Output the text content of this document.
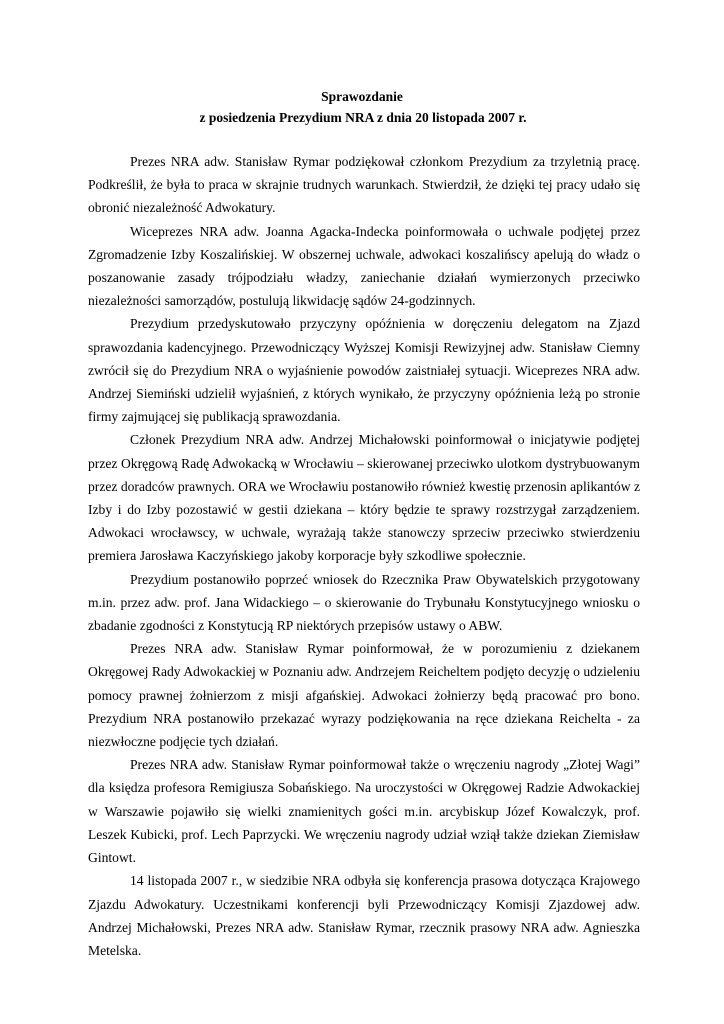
Sprawozdanie
z posiedzenia Prezydium NRA z dnia 20 listopada 2007 r.

Prezes NRA adw. Stanisław Rymar podziękował członkom Prezydium za trzyletnią pracę. Podkreślił, że była to praca w skrajnie trudnych warunkach. Stwierdził, że dzięki tej pracy udało się obronić niezależność Adwokatury.

Wiceprezes NRA adw. Joanna Agacka-Indecka poinformowała o uchwale podjętej przez Zgromadzenie Izby Koszalińskiej. W obszernej uchwale, adwokaci koszalińscy apelują do władz o poszanowanie zasady trójpodziału władzy, zaniechanie działań wymierzonych przeciwko niezależności samorządów, postulują likwidację sądów 24-godzinnych.

Prezydium przedyskutowało przyczyny opóźnienia w doręczeniu delegatom na Zjazd sprawozdania kadencyjnego. Przewodniczący Wyższej Komisji Rewizyjnej adw. Stanisław Ciemny zwrócił się do Prezydium NRA o wyjaśnienie powodów zaistniałej sytuacji. Wiceprezes NRA adw. Andrzej Siemiński udzielił wyjaśnień, z których wynikało, że przyczyny opóźnienia leżą po stronie firmy zajmującej się publikacją sprawozdania.

Członek Prezydium NRA adw. Andrzej Michałowski poinformował o inicjatywie podjętej przez Okręgową Radę Adwokacką w Wrocławiu – skierowanej przeciwko ulotkom dystrybuowanym przez doradców prawnych. ORA we Wrocławiu postanowiło również kwestię przenosin aplikantów z Izby i do Izby pozostawić w gestii dziekana – który będzie te sprawy rozstrzygał zarządzeniem. Adwokaci wrocławscy, w uchwale, wyrażają także stanowczy sprzeciw przeciwko stwierdzeniu premiera Jarosława Kaczyńskiego jakoby korporacje były szkodliwe społecznie.

Prezydium postanowiło poprzeć wniosek do Rzecznika Praw Obywatelskich przygotowany m.in. przez adw. prof. Jana Widackiego – o skierowanie do Trybunału Konstytucyjnego wniosku o zbadanie zgodności z Konstytucją RP niektórych przepisów ustawy o ABW.

Prezes NRA adw. Stanisław Rymar poinformował, że w porozumieniu z dziekanem Okręgowej Rady Adwokackiej w Poznaniu adw. Andrzejem Reicheltem podjęto decyzję o udzieleniu pomocy prawnej żołnierzom z misji afgańskiej. Adwokaci żołnierzy będą pracować pro bono. Prezydium NRA postanowiło przekazać wyrazy podziękowania na ręce dziekana Reichelta - za niezwłoczne podjęcie tych działań.

Prezes NRA adw. Stanisław Rymar poinformował także o wręczeniu nagrody „Złotej Wagi” dla księdza profesora Remigiusza Sobańskiego. Na uroczystości w Okręgowej Radzie Adwokackiej w Warszawie pojawiło się wielki znamienitych gości m.in. arcybiskup Józef Kowalczyk, prof. Leszek Kubicki, prof. Lech Paprzycki. We wręczeniu nagrody udział wziął także dziekan Ziemisław Gintowt.

14 listopada 2007 r., w siedzibie NRA odbyła się konferencja prasowa dotycząca Krajowego Zjazdu Adwokatury. Uczestnikami konferencji byli Przewodniczący Komisji Zjazdowej adw. Andrzej Michałowski, Prezes NRA adw. Stanisław Rymar, rzecznik prasowy NRA adw. Agnieszka Metelska.
